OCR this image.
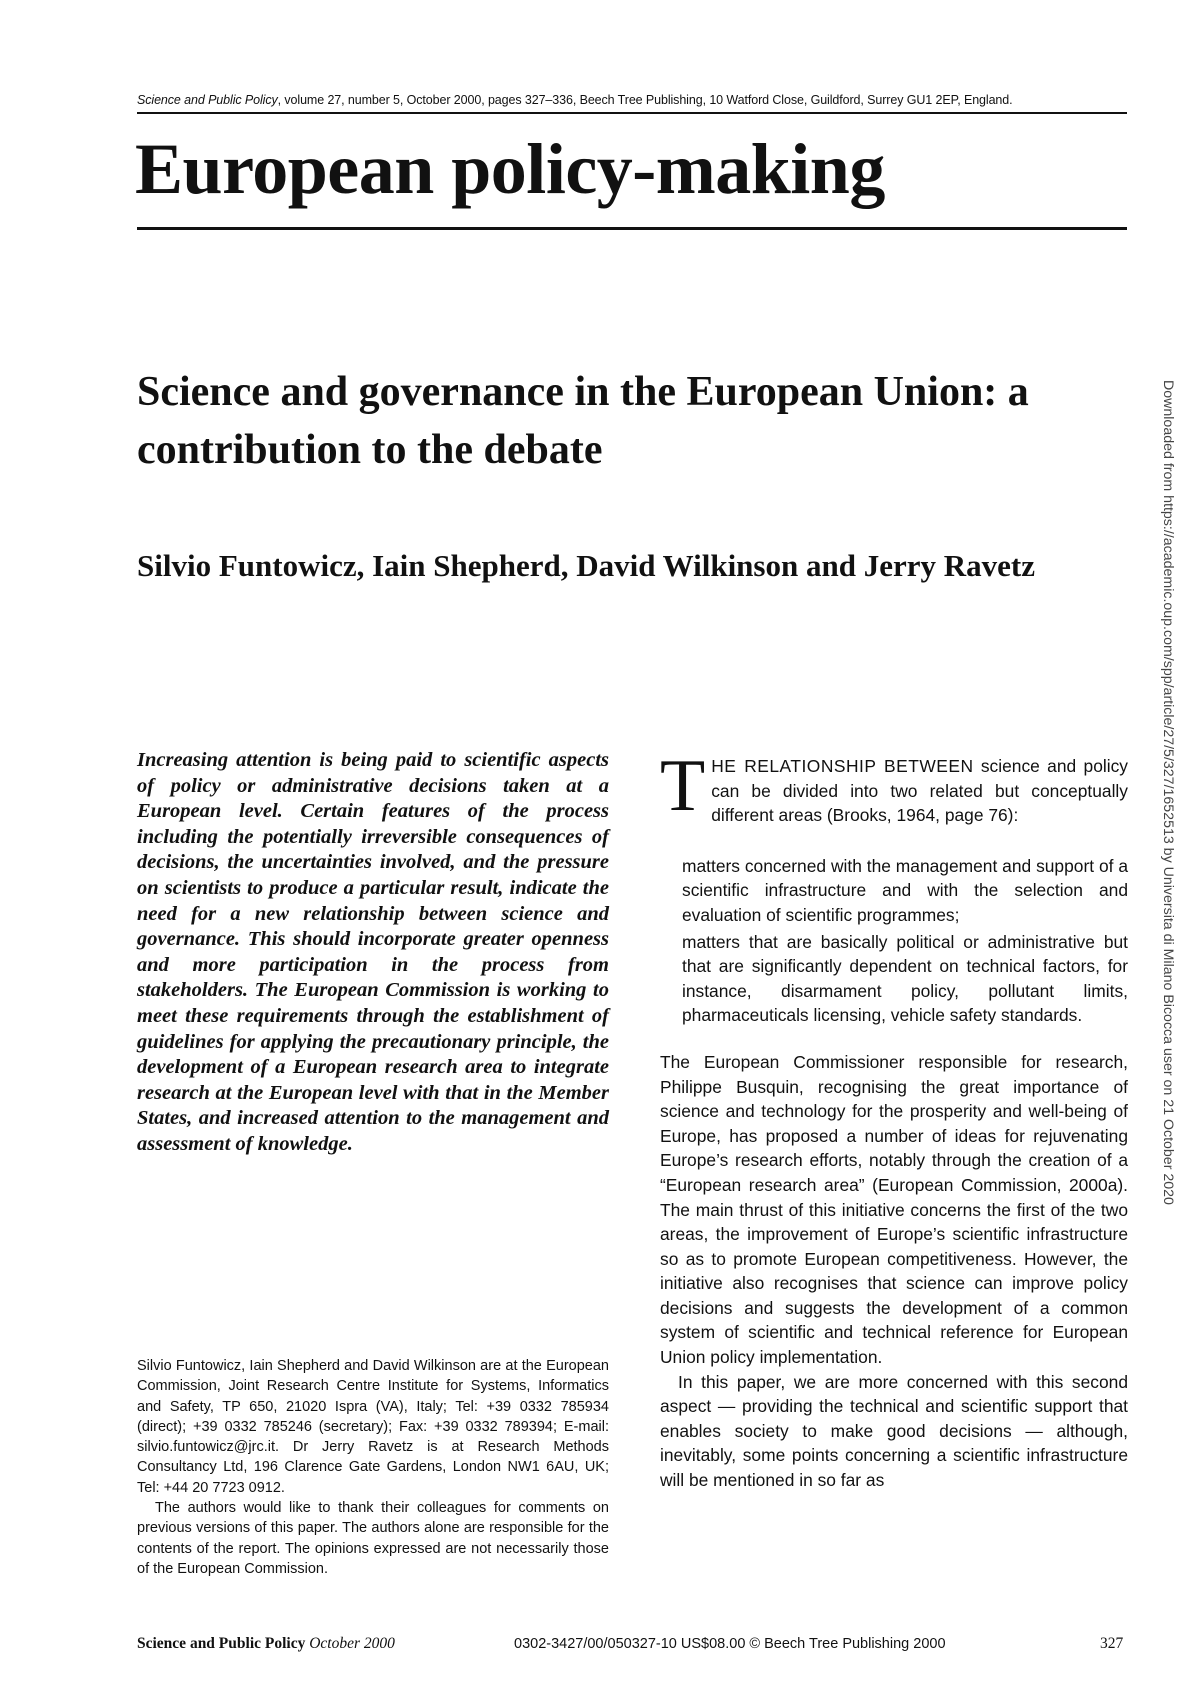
Science and Public Policy, volume 27, number 5, October 2000, pages 327–336, Beech Tree Publishing, 10 Watford Close, Guildford, Surrey GU1 2EP, England.
European policy-making
Science and governance in the European Union: a contribution to the debate
Silvio Funtowicz, Iain Shepherd, David Wilkinson and Jerry Ravetz

Increasing attention is being paid to scientific aspects of policy or administrative decisions taken at a European level. Certain features of the process including the potentially irreversible consequences of decisions, the uncertainties involved, and the pressure on scientists to produce a particular result, indicate the need for a new relationship between science and governance. This should incorporate greater openness and more participation in the process from stakeholders. The European Commission is working to meet these requirements through the establishment of guidelines for applying the precautionary principle, the development of a European research area to integrate research at the European level with that in the Member States, and increased attention to the management and assessment of knowledge.

Silvio Funtowicz, Iain Shepherd and David Wilkinson are at the European Commission, Joint Research Centre Institute for Systems, Informatics and Safety, TP 650, 21020 Ispra (VA), Italy; Tel: +39 0332 785934 (direct); +39 0332 785246 (secretary); Fax: +39 0332 789394; E-mail: silvio.funtowicz@jrc.it. Dr Jerry Ravetz is at Research Methods Consultancy Ltd, 196 Clarence Gate Gardens, London NW1 6AU, UK; Tel: +44 20 7723 0912.

The authors would like to thank their colleagues for comments on previous versions of this paper. The authors alone are responsible for the contents of the report. The opinions expressed are not necessarily those of the European Commission.

THE RELATIONSHIP BETWEEN science and policy can be divided into two related but conceptually different areas (Brooks, 1964, page 76):

matters concerned with the management and support of a scientific infrastructure and with the selection and evaluation of scientific programmes;
matters that are basically political or administrative but that are significantly dependent on technical factors, for instance, disarmament policy, pollutant limits, pharmaceuticals licensing, vehicle safety standards.

The European Commissioner responsible for research, Philippe Busquin, recognising the great importance of science and technology for the prosperity and well-being of Europe, has proposed a number of ideas for rejuvenating Europe’s research efforts, notably through the creation of a “European research area” (European Commission, 2000a). The main thrust of this initiative concerns the first of the two areas, the improvement of Europe’s scientific infrastructure so as to promote European competitiveness. However, the initiative also recognises that science can improve policy decisions and suggests the development of a common system of scientific and technical reference for European Union policy implementation.

In this paper, we are more concerned with this second aspect — providing the technical and scientific support that enables society to make good decisions — although, inevitably, some points concerning a scientific infrastructure will be mentioned in so far as

Science and Public Policy October 2000	0302-3427/00/050327-10 US$08.00 © Beech Tree Publishing 2000	327
Downloaded from https://academic.oup.com/spp/article/27/5/327/1652513 by Universita di Milano Bicocca user on 21 October 2020
